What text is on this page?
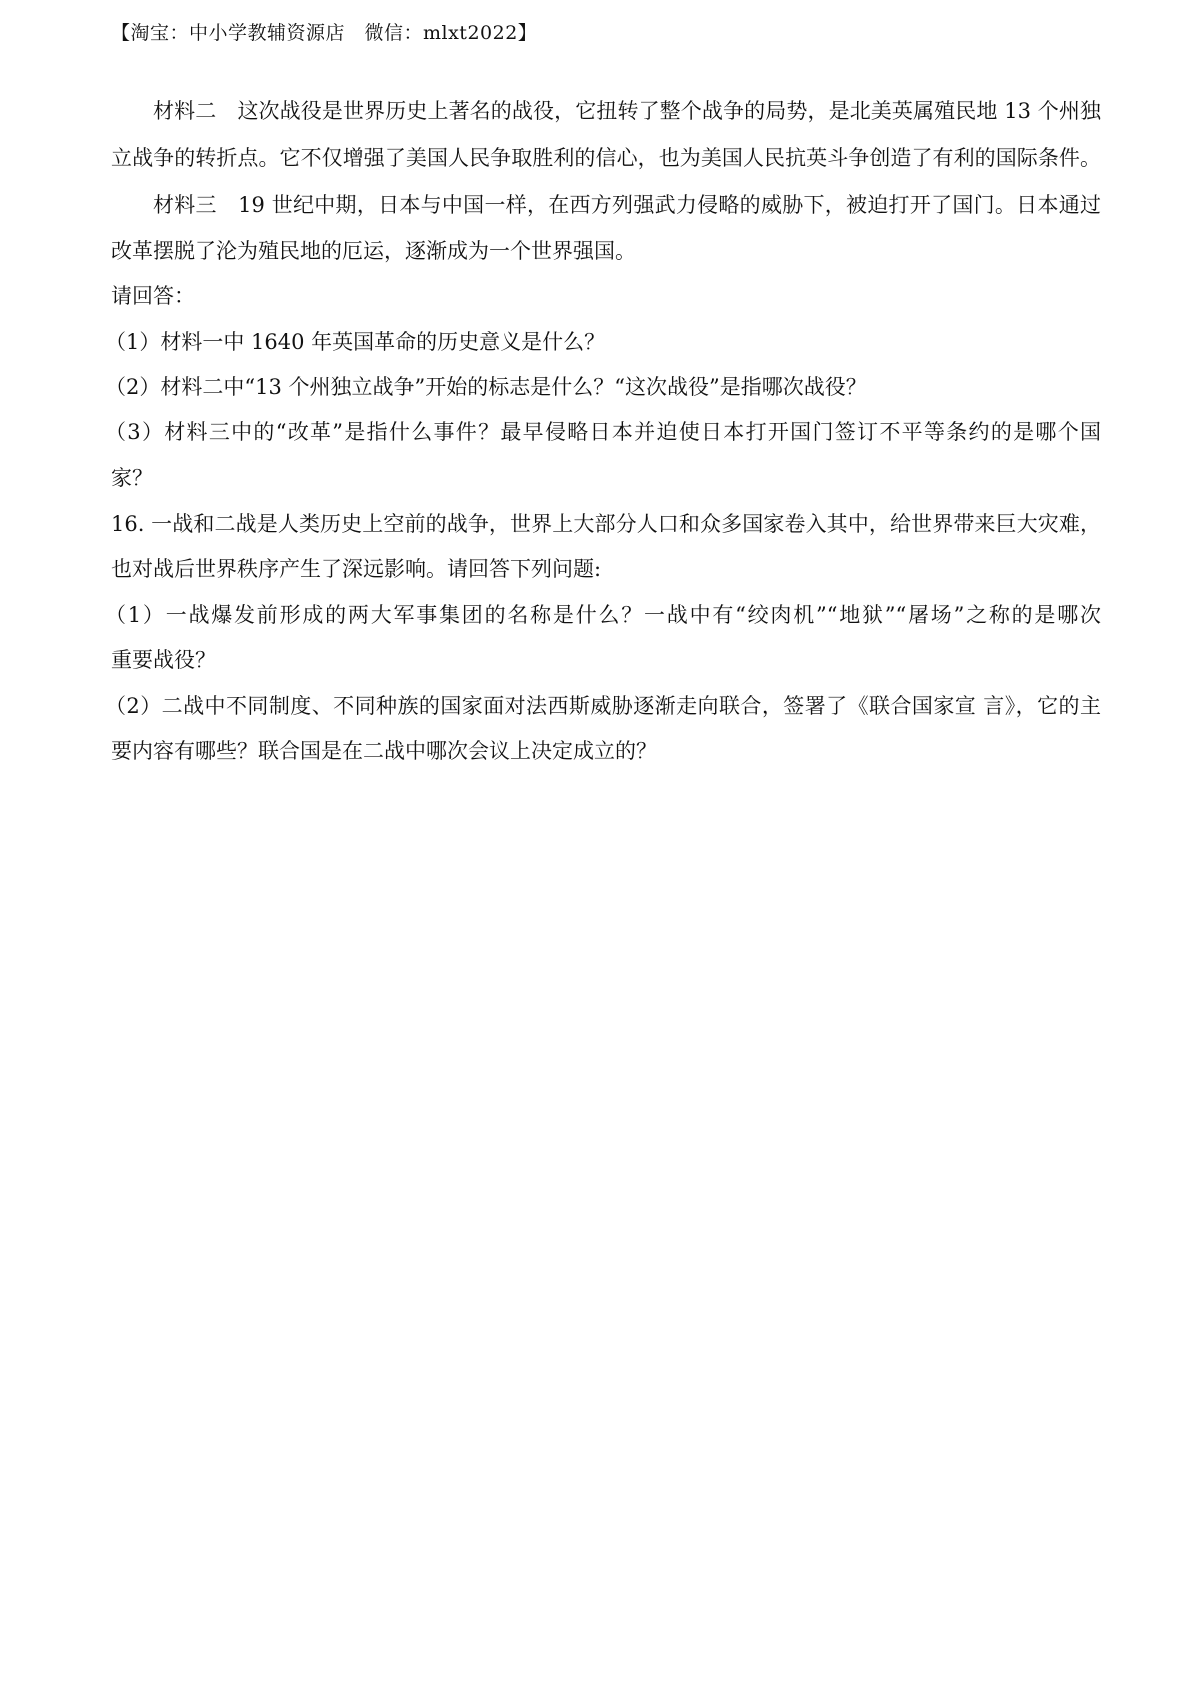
【淘宝：中小学教辅资源店　微信：mlxt2022】
材料二　这次战役是世界历史上著名的战役，它扭转了整个战争的局势，是北美英属殖民地 13 个州独
立战争的转折点。它不仅增强了美国人民争取胜利的信心，也为美国人民抗英斗争创造了有利的国际条件。
材料三　19 世纪中期，日本与中国一样，在西方列强武力侵略的威胁下，被迫打开了国门。日本通过
改革摆脱了沦为殖民地的厄运，逐渐成为一个世界强国。
请回答：
（1）材料一中 1640 年英国革命的历史意义是什么？
（2）材料二中“13 个州独立战争”开始的标志是什么？“这次战役”是指哪次战役？
（3）材料三中的“改革”是指什么事件？最早侵略日本并迫使日本打开国门签订不平等条约的是哪个国
家？
16. 一战和二战是人类历史上空前的战争，世界上大部分人口和众多国家卷入其中，给世界带来巨大灾难，
也对战后世界秩序产生了深远影响。请回答下列问题:
（1）一战爆发前形成的两大军事集团的名称是什么？一战中有“绞肉机”“地狱”“屠场”之称的是哪次
重要战役？
（2）二战中不同制度、不同种族的国家面对法西斯威胁逐渐走向联合，签署了《联合国家宣 言》，它的主
要内容有哪些？联合国是在二战中哪次会议上决定成立的？
